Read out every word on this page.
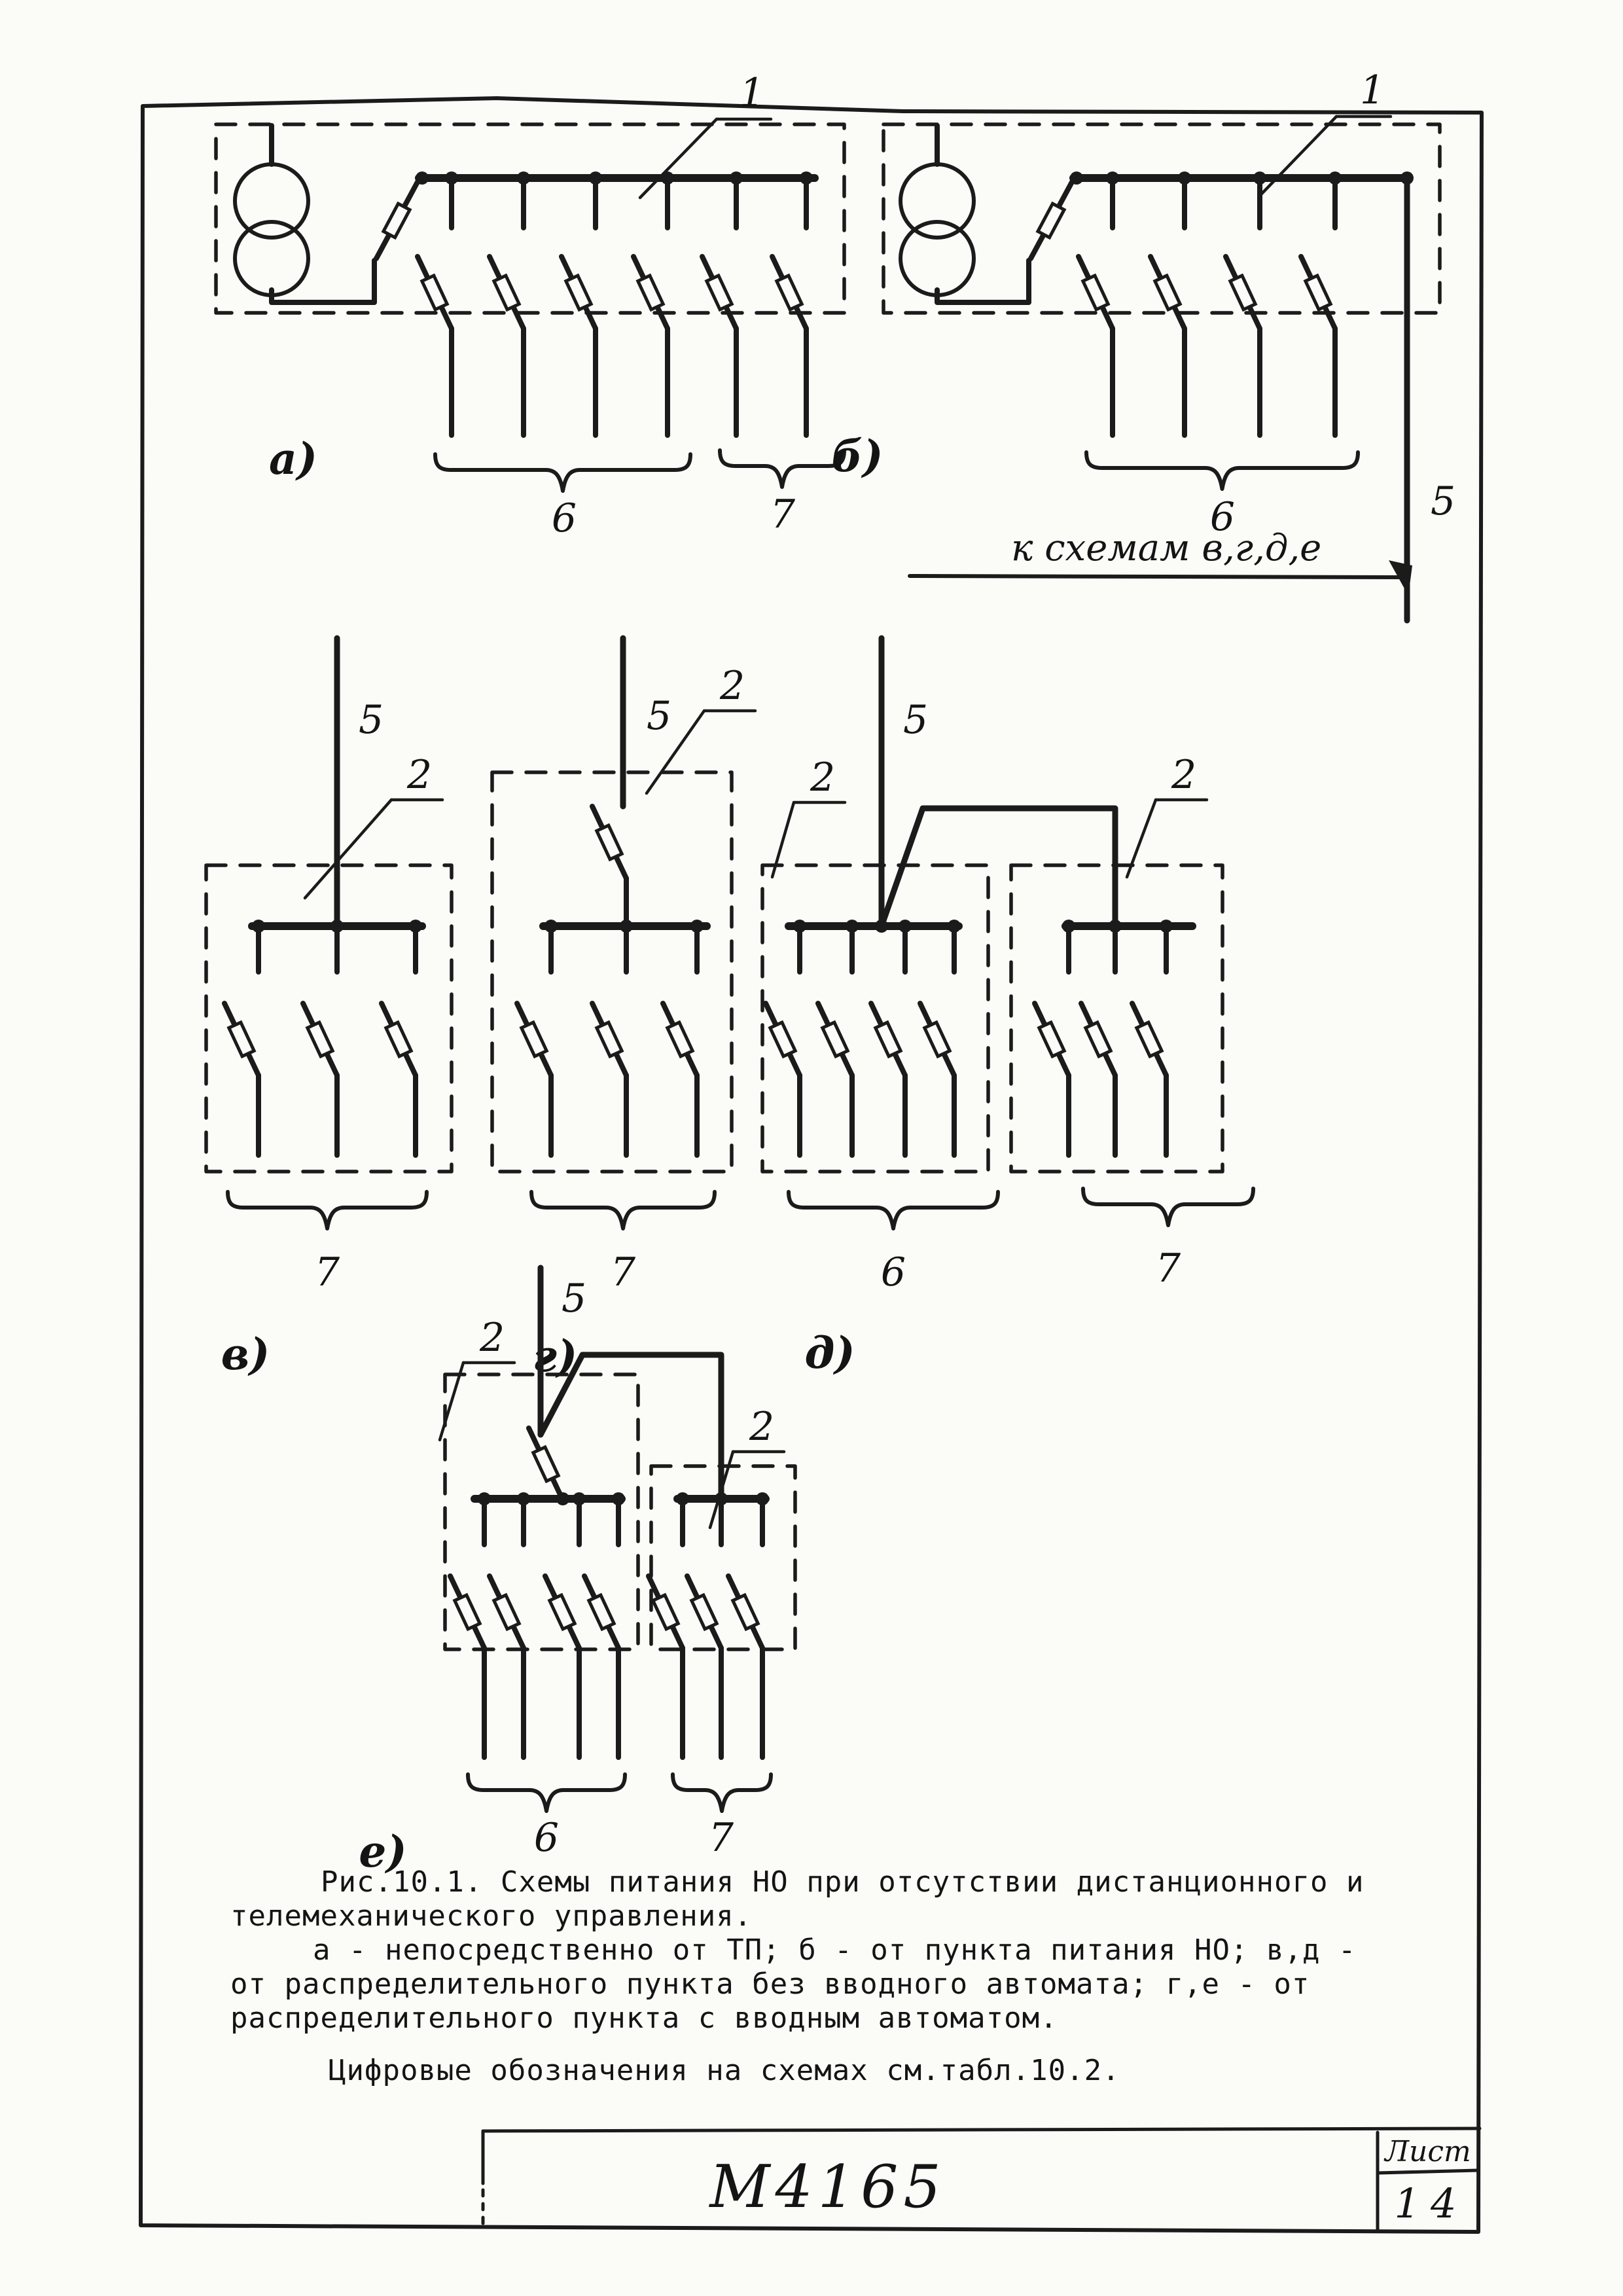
1
6	7
а)
1
5
6
б)
к схемам в,г,д,е
5
2
7
в)
5
2
7
г)
5
2	2
6	7
д)
5
2
2
6	7
е)
Рис.10.1. Схемы питания НО при отсутствии дистанционного и
телемеханического управления.
а - непосредственно от ТП; б - от пункта питания НО; в,д -
от распределительного пункта без вводного автомата; г,е - от
распределительного пункта с вводным автоматом.
Цифровые обозначения на схемах см.табл.10.2.
М4165
Лист
14
